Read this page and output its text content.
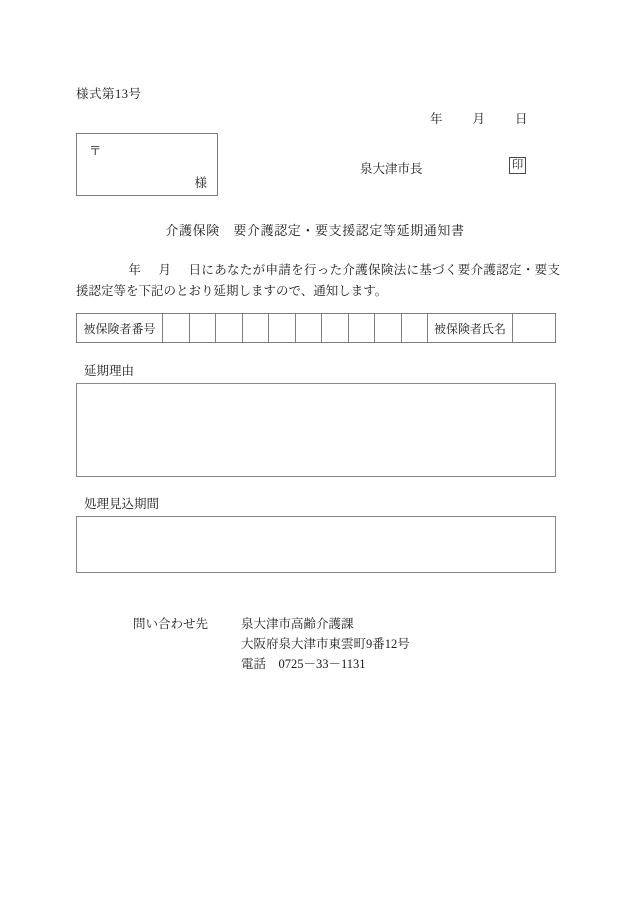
様式第13号
年 月 日
〒
様
泉大津市長	印
介護保険　要介護認定・要支援認定等延期通知書
年 月 日にあなたが申請を行った介護保険法に基づく要介護認定・要支援認定等を下記のとおり延期しますので、通知します。
被保険者番号	被保険者氏名
延期理由
処理見込期間
問い合わせ先	泉大津市高齢介護課
大阪府泉大津市東雲町9番12号
電話　0725－33－1131
